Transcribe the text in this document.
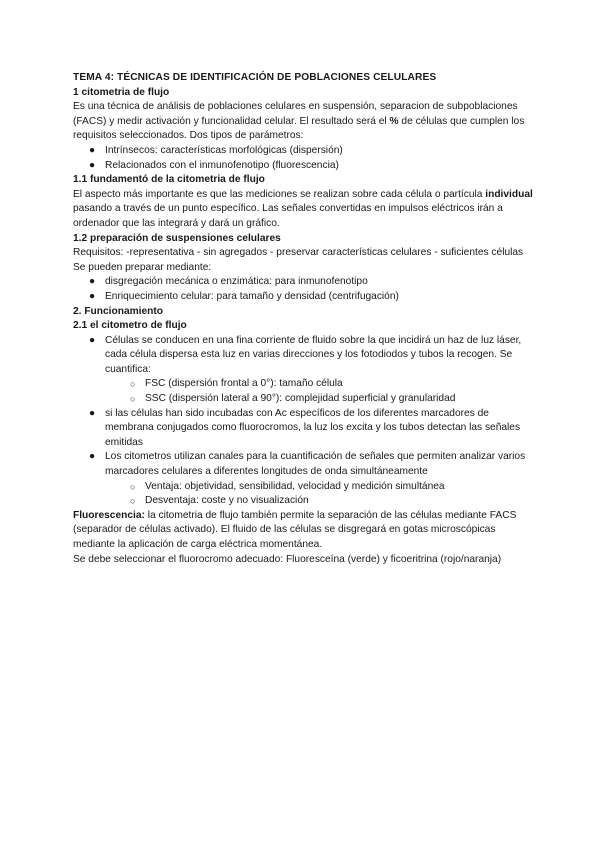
TEMA 4: TÉCNICAS DE IDENTIFICACIÓN DE POBLACIONES CELULARES

1 citometria de flujo

Es una técnica de análisis de poblaciones celulares en suspensión, separacion de subpoblaciones (FACS) y medir activación y funcionalidad celular. El resultado será el % de células que cumplen los requisitos seleccionados. Dos tipos de parámetros:

● Intrínsecos: características morfológicas (dispersión)
● Relacionados con el inmunofenotipo (fluorescencia)

1.1 fundamentó de la citometria de flujo

El aspecto más importante es que las mediciones se realizan sobre cada célula o partícula individual pasando a través de un punto específico. Las señales convertidas en impulsos eléctricos irán a ordenador que las integrará y dará un gráfico.

1.2 preparación de suspensiones celulares

Requisitos: -representativa - sin agregados - preservar características celulares - suficientes células

Se pueden preparar mediante:

● disgregación mecánica o enzimática: para inmunofenotipo
● Enriquecimiento celular: para tamaño y densidad (centrifugación)

2. Funcionamiento

2.1 el citometro de flujo

● Células se conducen en una fina corriente de fluido sobre la que incidirá un haz de luz láser, cada célula dispersa esta luz en varias direcciones y los fotodiodos y tubos la recogen. Se cuantifica:
○ FSC (dispersión frontal a 0°): tamaño célula
○ SSC (dispersión lateral a 90°): complejidad superficial y granularidad
● si las células han sido incubadas con Ac específicos de los diferentes marcadores de membrana conjugados como fluorocromos, la luz los excita y los tubos detectan las señales emitidas
● Los citometros utilizan canales para la cuantificación de señales que permiten analizar varios marcadores celulares a diferentes longitudes de onda simultáneamente
○ Ventaja: objetividad, sensibilidad, velocidad y medición simultánea
○ Desventaja: coste y no visualización

Fluorescencia: la citometria de flujo también permite la separación de las células mediante FACS (separador de células activado). El fluido de las células se disgregará en gotas microscópicas mediante la aplicación de carga eléctrica momentánea.

Se debe seleccionar el fluorocromo adecuado: Fluoresceína (verde) y ficoeritrina (rojo/naranja)
